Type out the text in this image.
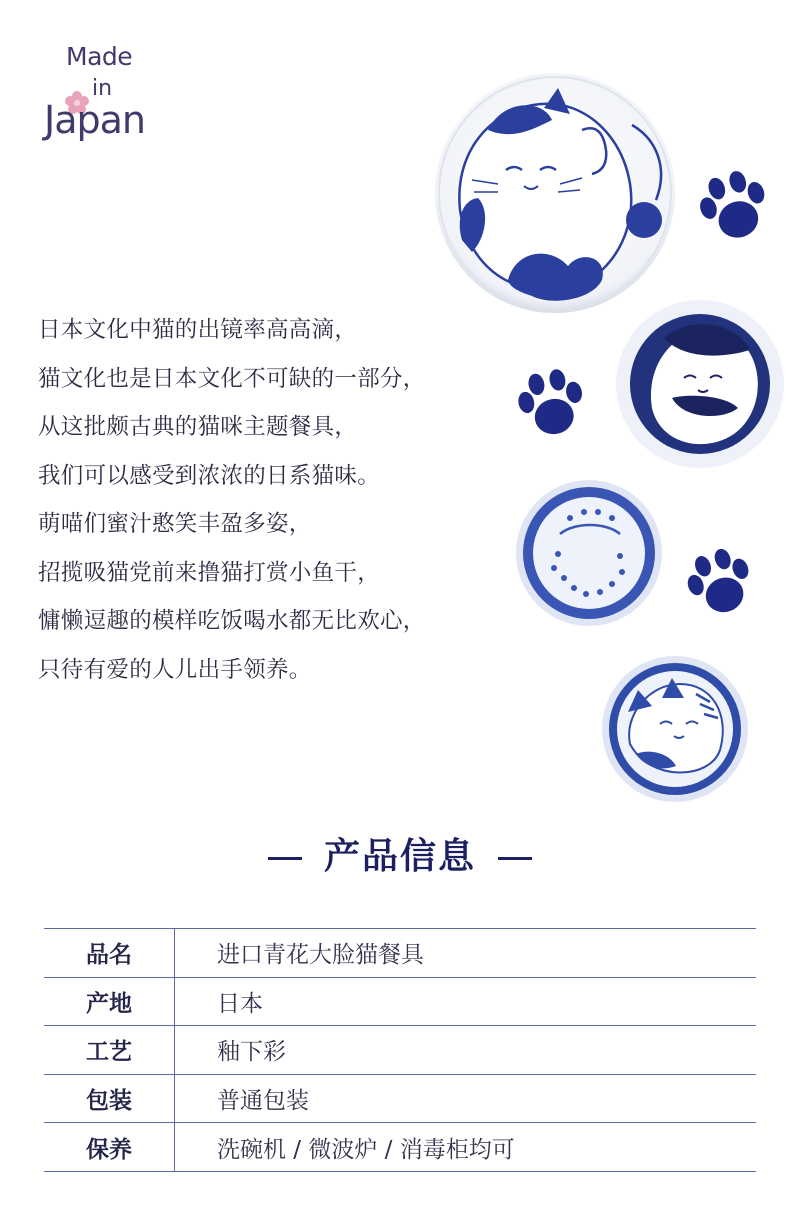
Made
in
Japan

日本文化中猫的出镜率高高滴，

猫文化也是日本文化不可缺的一部分，

从这批颇古典的猫咪主题餐具，

我们可以感受到浓浓的日系猫味。

萌喵们蜜汁憨笑丰盈多姿，

招揽吸猫党前来撸猫打赏小鱼干，

慵懒逗趣的模样吃饭喝水都无比欢心，

只待有爱的人儿出手领养。

产品信息
品名	进口青花大脸猫餐具
产地	日本
工艺	釉下彩
包装	普通包装
保养	洗碗机 / 微波炉 / 消毒柜均可
